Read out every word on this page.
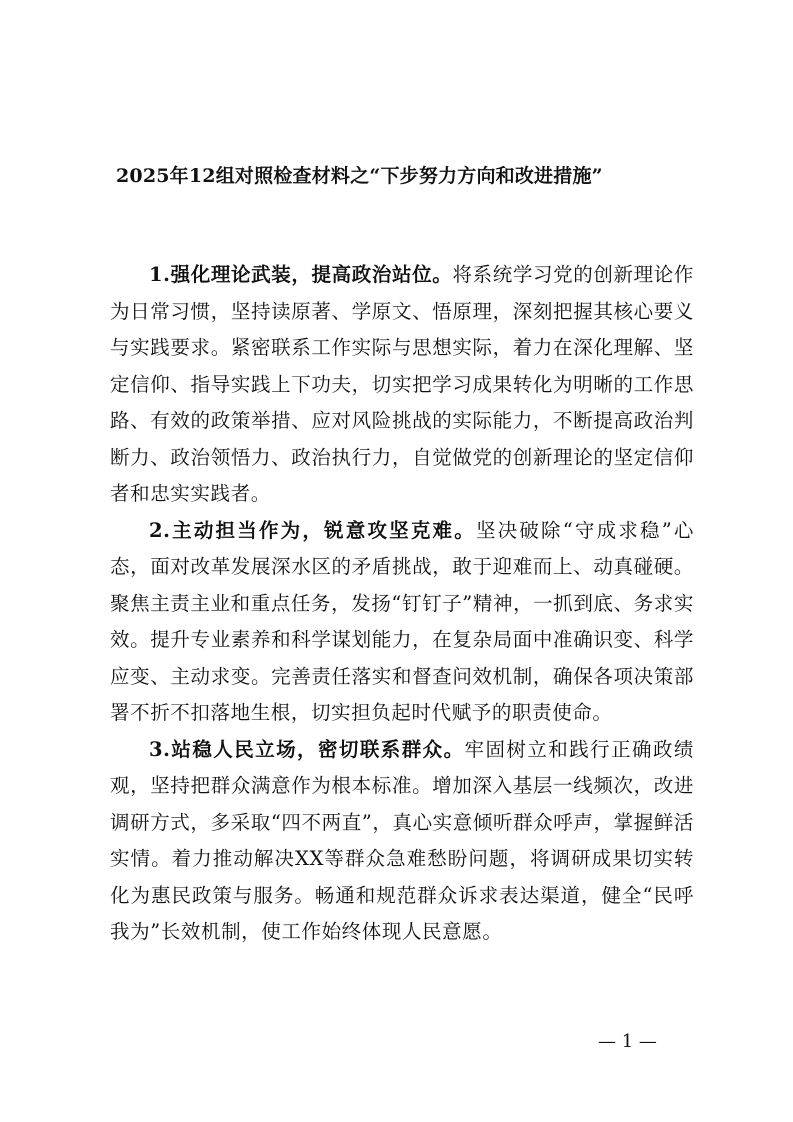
2025年12组对照检查材料之“下步努力方向和改进措施”

1.强化理论武装，提高政治站位。将系统学习党的创新理论作为日常习惯，坚持读原著、学原文、悟原理，深刻把握其核心要义与实践要求。紧密联系工作实际与思想实际，着力在深化理解、坚定信仰、指导实践上下功夫，切实把学习成果转化为明晰的工作思路、有效的政策举措、应对风险挑战的实际能力，不断提高政治判断力、政治领悟力、政治执行力，自觉做党的创新理论的坚定信仰者和忠实实践者。

2.主动担当作为，锐意攻坚克难。坚决破除“守成求稳”心态，面对改革发展深水区的矛盾挑战，敢于迎难而上、动真碰硬。聚焦主责主业和重点任务，发扬“钉钉子”精神，一抓到底、务求实效。提升专业素养和科学谋划能力，在复杂局面中准确识变、科学应变、主动求变。完善责任落实和督查问效机制，确保各项决策部署不折不扣落地生根，切实担负起时代赋予的职责使命。

3.站稳人民立场，密切联系群众。牢固树立和践行正确政绩观，坚持把群众满意作为根本标准。增加深入基层一线频次，改进调研方式，多采取“四不两直”，真心实意倾听群众呼声，掌握鲜活实情。着力推动解决XX等群众急难愁盼问题，将调研成果切实转化为惠民政策与服务。畅通和规范群众诉求表达渠道，健全“民呼我为”长效机制，使工作始终体现人民意愿。

— 1 —
